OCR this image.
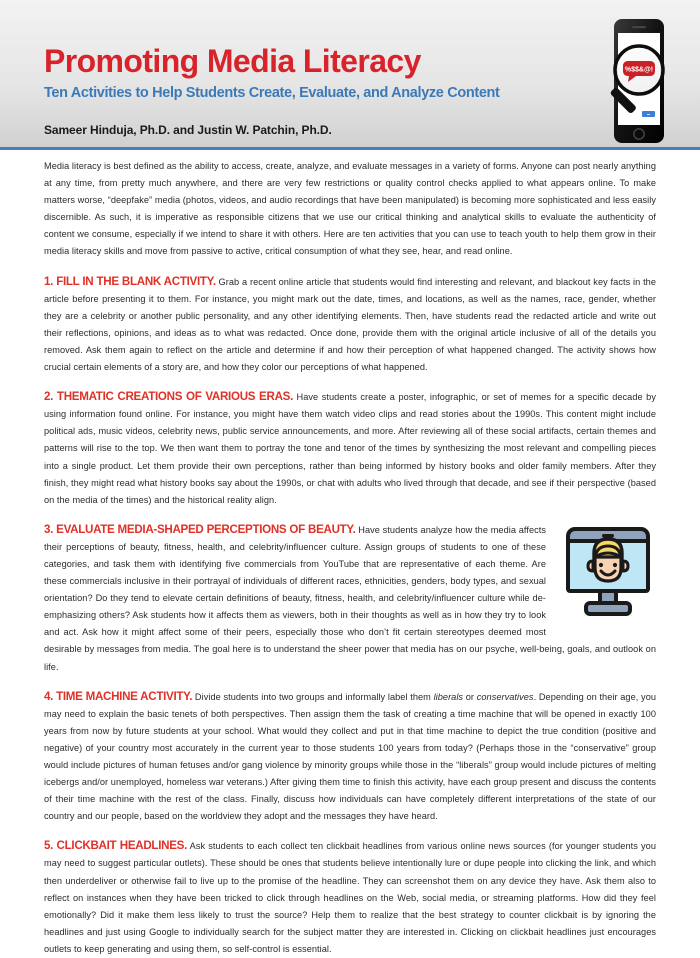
Promoting Media Literacy
Ten Activities to Help Students Create, Evaluate, and Analyze Content
Sameer Hinduja, Ph.D. and Justin W. Patchin, Ph.D.
•••
%$$&@!

Media literacy is best defined as the ability to access, create, analyze, and evaluate messages in a variety of forms. Anyone can post nearly anything at any time, from pretty much anywhere, and there are very few restrictions or quality control checks applied to what appears online. To make matters worse, “deepfake” media (photos, videos, and audio recordings that have been manipulated) is becoming more sophisticated and less easily discernible. As such, it is imperative as responsible citizens that we use our critical thinking and analytical skills to evaluate the authenticity of content we consume, especially if we intend to share it with others. Here are ten activities that you can use to teach youth to help them grow in their media literacy skills and move from passive to active, critical consumption of what they see, hear, and read online.

1. FILL IN THE BLANK ACTIVITY. Grab a recent online article that students would find interesting and relevant, and blackout key facts in the article before presenting it to them. For instance, you might mark out the date, times, and locations, as well as the names, race, gender, whether they are a celebrity or another public personality, and any other identifying elements. Then, have students read the redacted article and write out their reflections, opinions, and ideas as to what was redacted. Once done, provide them with the original article inclusive of all of the details you removed. Ask them again to reflect on the article and determine if and how their perception of what happened changed. The activity shows how crucial certain elements of a story are, and how they color our perceptions of what happened.

2. THEMATIC CREATIONS OF VARIOUS ERAS. Have students create a poster, infographic, or set of memes for a specific decade by using information found online. For instance, you might have them watch video clips and read stories about the 1990s. This content might include political ads, music videos, celebrity news, public service announcements, and more. After reviewing all of these social artifacts, certain themes and patterns will rise to the top. We then want them to portray the tone and tenor of the times by synthesizing the most relevant and compelling pieces into a single product. Let them provide their own perceptions, rather than being informed by history books and older family members. After they finish, they might read what history books say about the 1990s, or chat with adults who lived through that decade, and see if their perspective (based on the media of the times) and the historical reality align.

3. EVALUATE MEDIA-SHAPED PERCEPTIONS OF BEAUTY. Have students analyze how the media affects their perceptions of beauty, fitness, health, and celebrity/influencer culture. Assign groups of students to one of these categories, and task them with identifying five commercials from YouTube that are representative of each theme. Are these commercials inclusive in their portrayal of individuals of different races, ethnicities, genders, body types, and sexual orientation? Do they tend to elevate certain definitions of beauty, fitness, health, and celebrity/influencer culture while de-emphasizing others? Ask students how it affects them as viewers, both in their thoughts as well as in how they try to look and act. Ask how it might affect some of their peers, especially those who don’t fit certain stereotypes deemed most desirable by messages from media. The goal here is to understand the sheer power that media has on our psyche, well-being, goals, and outlook on life.

4. TIME MACHINE ACTIVITY. Divide students into two groups and informally label them liberals or conservatives. Depending on their age, you may need to explain the basic tenets of both perspectives. Then assign them the task of creating a time machine that will be opened in exactly 100 years from now by future students at your school. What would they collect and put in that time machine to depict the true condition (positive and negative) of your country most accurately in the current year to those students 100 years from today? (Perhaps those in the “conservative” group would include pictures of human fetuses and/or gang violence by minority groups while those in the “liberals” group would include pictures of melting icebergs and/or unemployed, homeless war veterans.) After giving them time to finish this activity, have each group present and discuss the contents of their time machine with the rest of the class. Finally, discuss how individuals can have completely different interpretations of the state of our country and our people, based on the worldview they adopt and the messages they have heard.

5. CLICKBAIT HEADLINES. Ask students to each collect ten clickbait headlines from various online news sources (for younger students you may need to suggest particular outlets). These should be ones that students believe intentionally lure or dupe people into clicking the link, and which then underdeliver or otherwise fail to live up to the promise of the headline. They can screenshot them on any device they have. Ask them also to reflect on instances when they have been tricked to click through headlines on the Web, social media, or streaming platforms. How did they feel emotionally? Did it make them less likely to trust the source? Help them to realize that the best strategy to counter clickbait is by ignoring the headlines and just using Google to individually search for the subject matter they are interested in. Clicking on clickbait headlines just encourages outlets to keep generating and using them, so self-control is essential.
